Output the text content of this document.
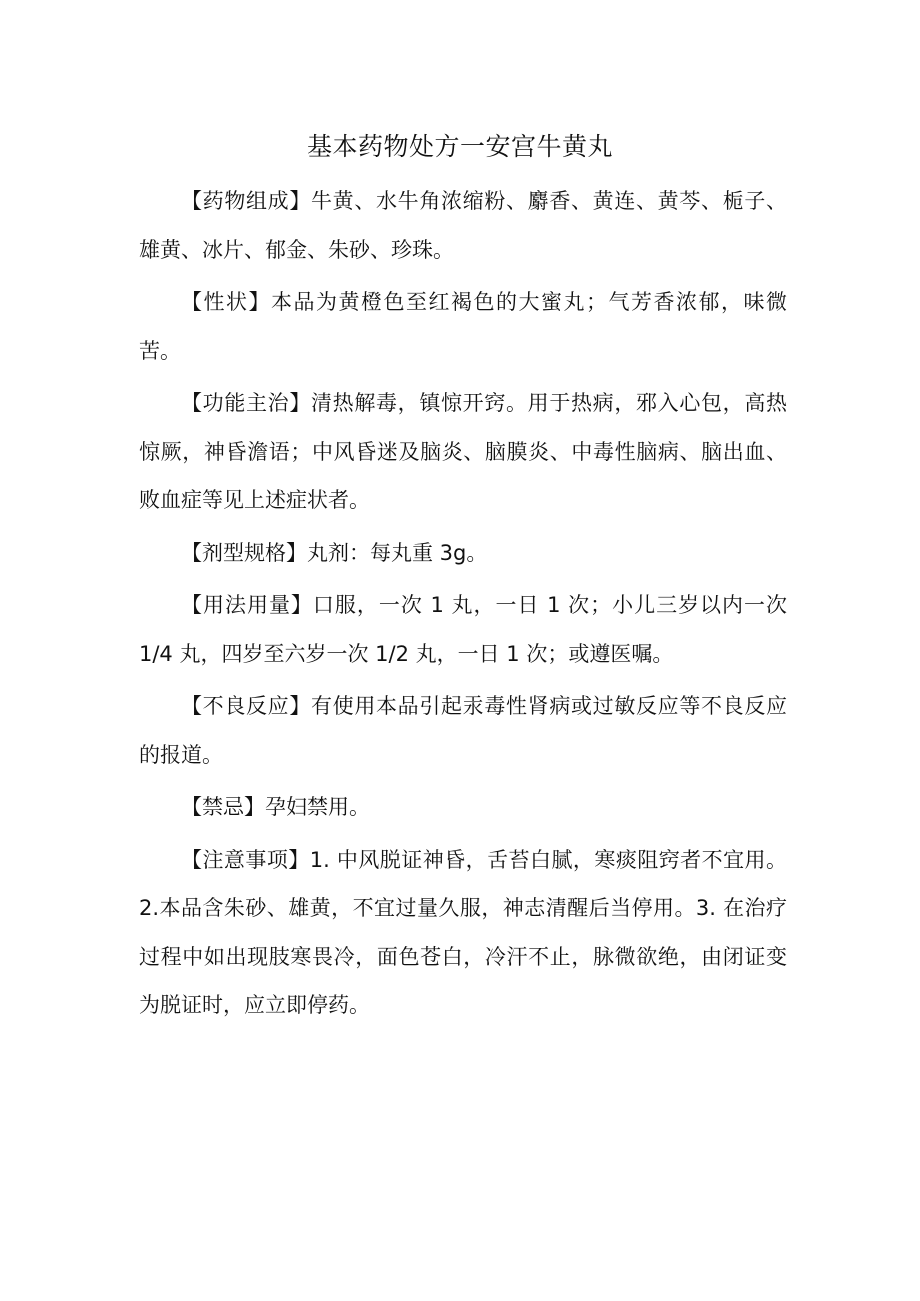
基本药物处方一安宫牛黄丸

【药物组成】牛黄、水牛角浓缩粉、麝香、黄连、黄芩、栀子、雄黄、冰片、郁金、朱砂、珍珠。

【性状】本品为黄橙色至红褐色的大蜜丸；气芳香浓郁，味微苦。

【功能主治】清热解毒，镇惊开窍。用于热病，邪入心包，高热惊厥，神昏澹语；中风昏迷及脑炎、脑膜炎、中毒性脑病、脑出血、败血症等见上述症状者。

【剂型规格】丸剂：每丸重 3g。

【用法用量】口服，一次 1 丸，一日 1 次；小儿三岁以内一次 1/4 丸，四岁至六岁一次 1/2 丸，一日 1 次；或遵医嘱。

【不良反应】有使用本品引起汞毒性肾病或过敏反应等不良反应的报道。

【禁忌】孕妇禁用。

【注意事项】1. 中风脱证神昏，舌苔白腻，寒痰阻窍者不宜用。2.本品含朱砂、雄黄，不宜过量久服，神志清醒后当停用。3. 在治疗过程中如出现肢寒畏冷，面色苍白，冷汗不止，脉微欲绝，由闭证变为脱证时，应立即停药。
